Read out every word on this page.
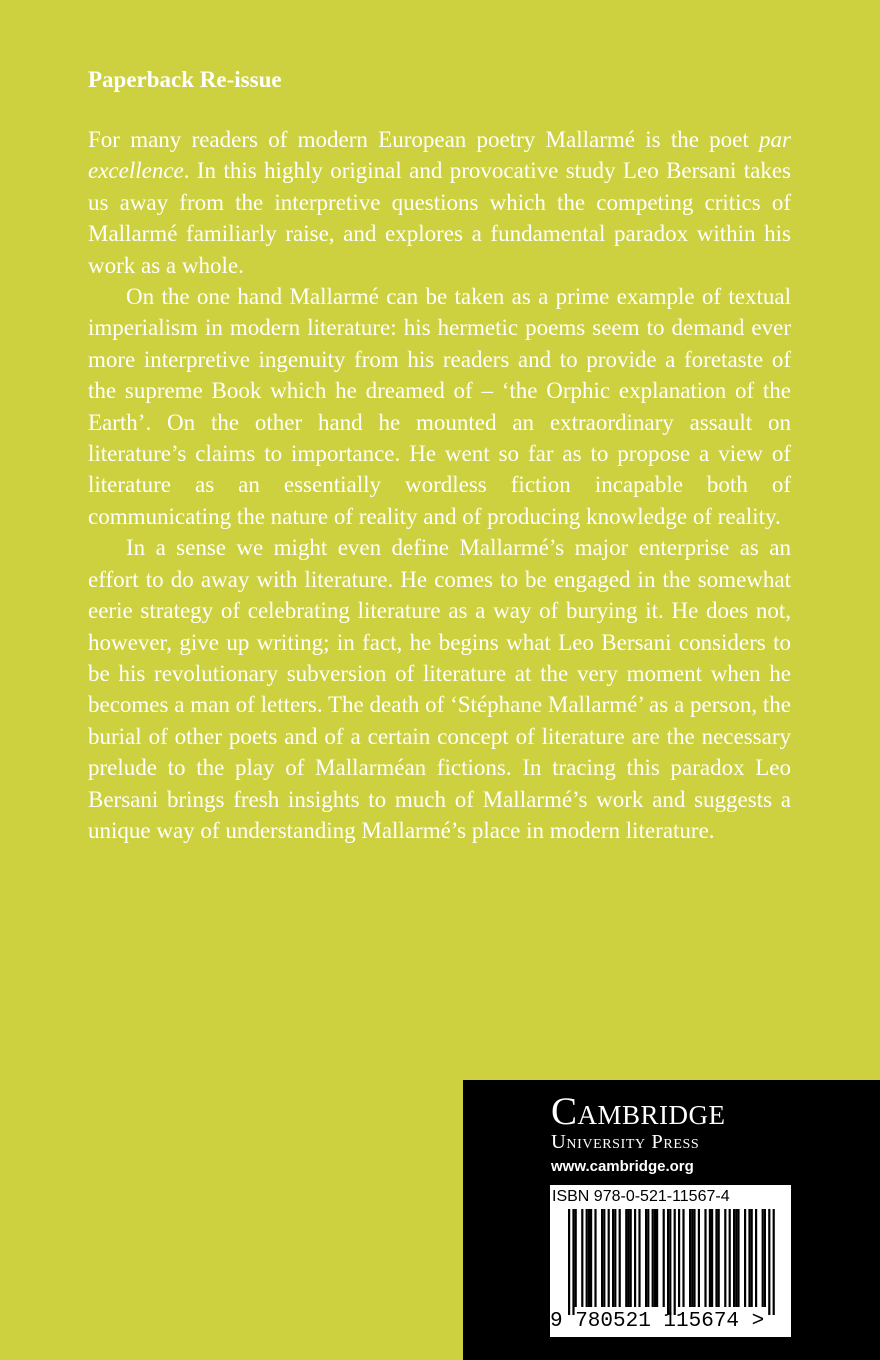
Paperback Re-issue

For many readers of modern European poetry Mallarmé is the poet par excellence. In this highly original and provocative study Leo Bersani takes us away from the interpretive questions which the competing critics of Mallarmé familiarly raise, and explores a fundamental paradox within his work as a whole.

On the one hand Mallarmé can be taken as a prime example of textual imperialism in modern literature: his hermetic poems seem to demand ever more interpretive ingenuity from his readers and to provide a foretaste of the supreme Book which he dreamed of – ‘the Orphic explanation of the Earth’. On the other hand he mounted an extraordinary assault on literature’s claims to importance. He went so far as to propose a view of literature as an essentially wordless fiction incapable both of communicating the nature of reality and of producing knowledge of reality.

In a sense we might even define Mallarmé’s major enterprise as an effort to do away with literature. He comes to be engaged in the somewhat eerie strategy of celebrating literature as a way of burying it. He does not, however, give up writing; in fact, he begins what Leo Bersani considers to be his revolutionary subversion of literature at the very moment when he becomes a man of letters. The death of ‘Stéphane Mallarmé’ as a person, the burial of other poets and of a certain concept of literature are the necessary prelude to the play of Mallarméan fictions. In tracing this paradox Leo Bersani brings fresh insights to much of Mallarmé’s work and suggests a unique way of understanding Mallarmé’s place in modern literature.

Cambridge
University Press
www.cambridge.org
ISBN 978-0-521-11567-4
9 780521 115674 >
